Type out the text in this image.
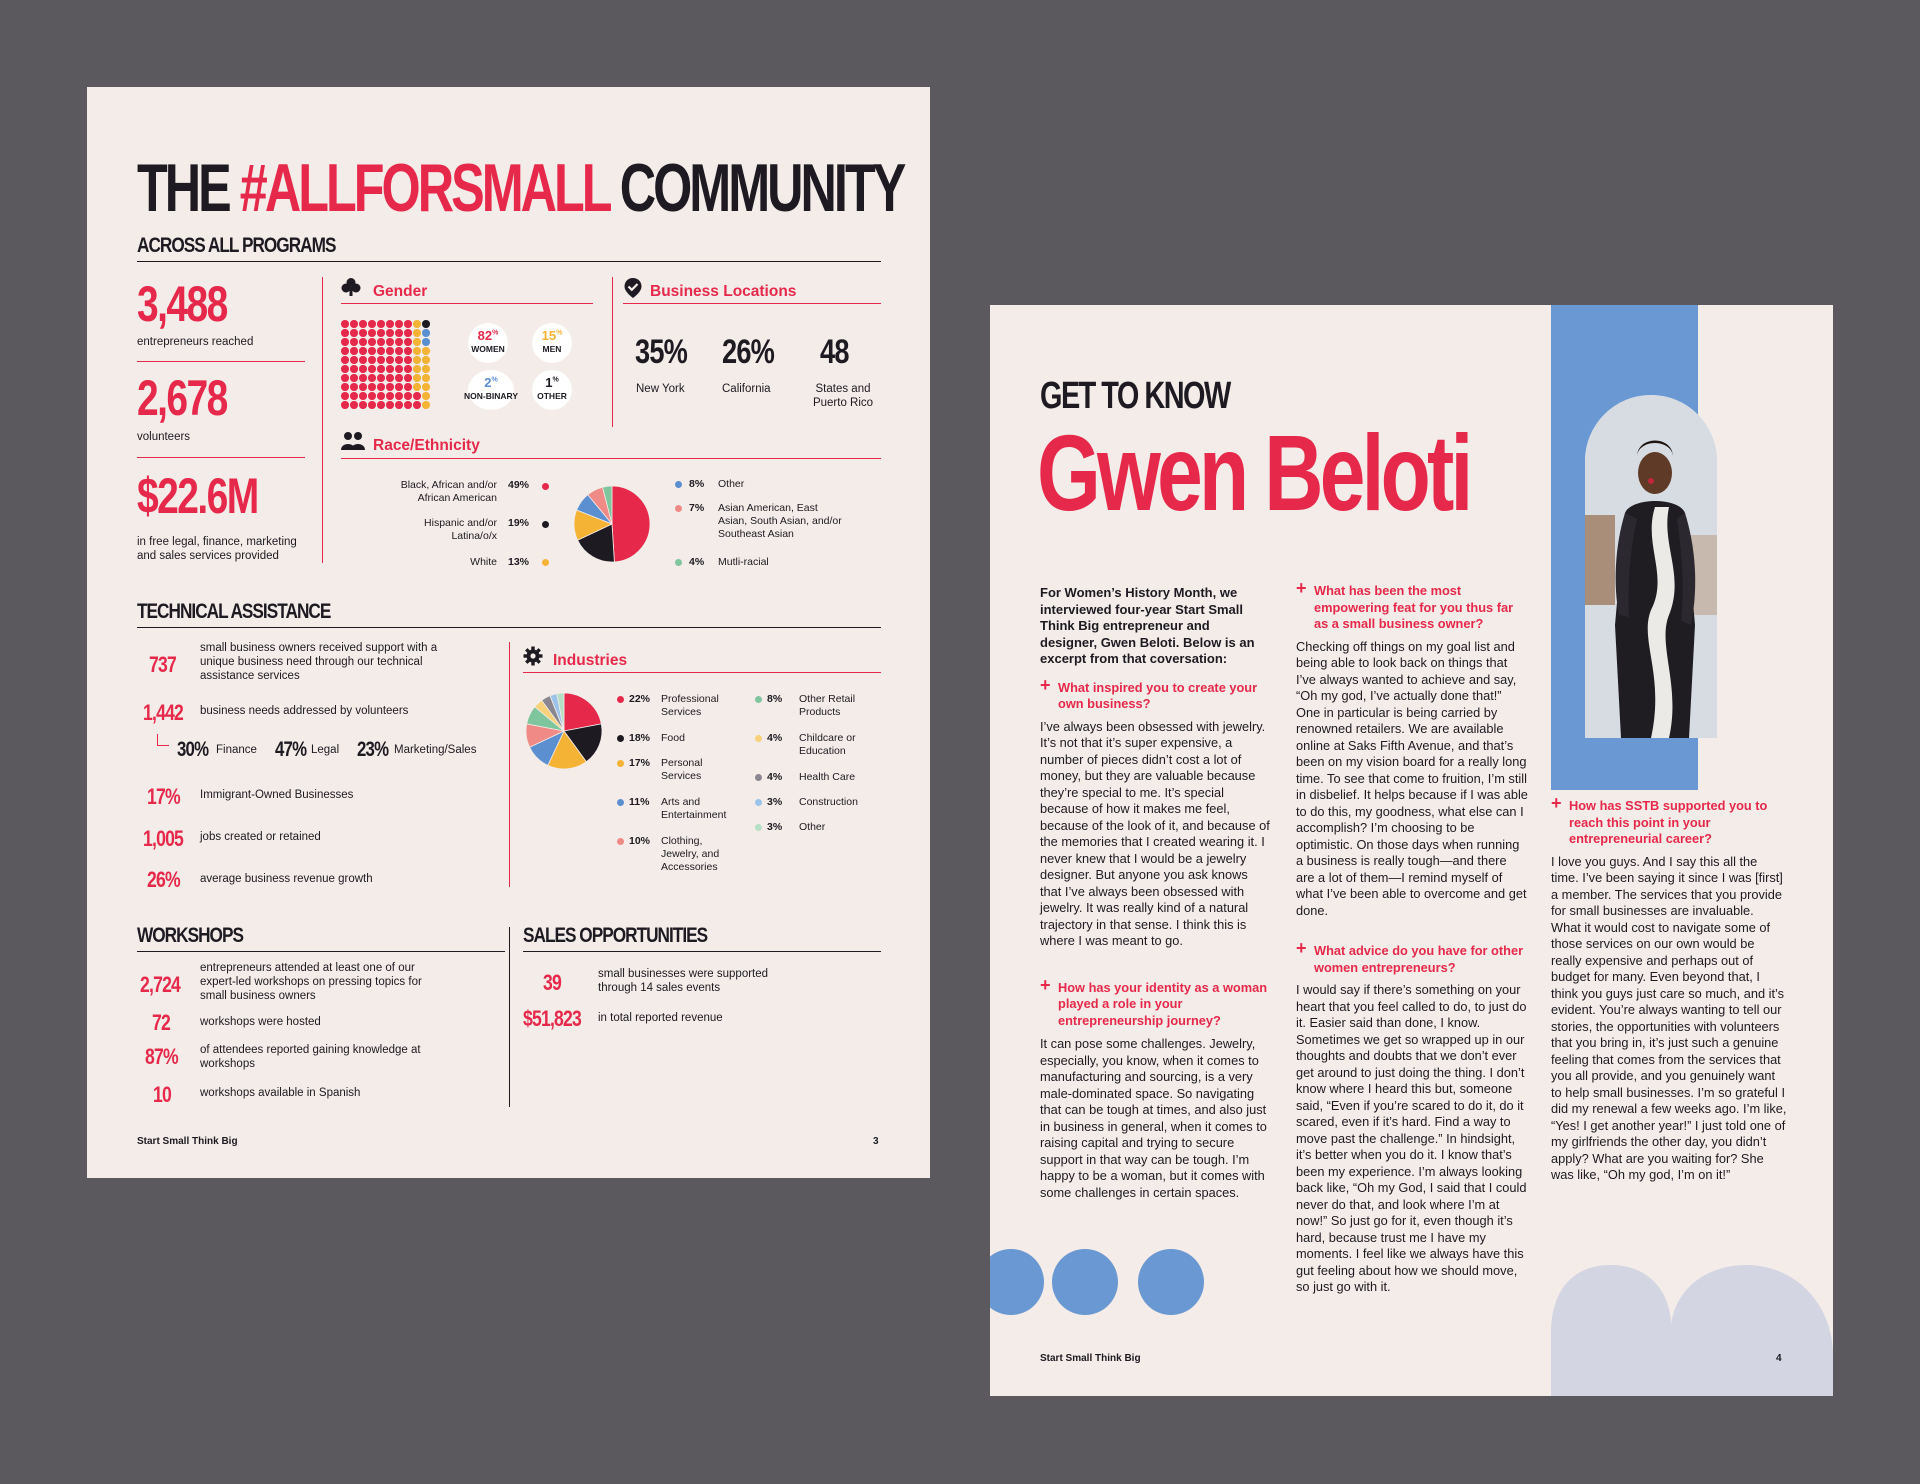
THE #ALLFORSMALL COMMUNITY
ACROSS ALL PROGRAMS
3,488
entrepreneurs reached
2,678
volunteers
$22.6M
in free legal, finance, marketing and sales services provided
Gender
82%
WOMEN
15%
MEN
2%
NON-BINARY
1%
OTHER
Business Locations
35%
New York
26%
California
48
States and Puerto Rico
Race/Ethnicity
Black, African and/or African American
49%
Hispanic and/or Latina/o/x
19%
White 13%
8% Other
7% Asian American, East Asian, South Asian, and/or Southeast Asian
4% Mutli-racial
TECHNICAL ASSISTANCE
737
small business owners received support with a unique business need through our technical assistance services
1,442 business needs addressed by volunteers
30% Finance 47% Legal 23% Marketing/Sales
17% Immigrant-Owned Businesses
1,005 jobs created or retained
26% average business revenue growth
Industries
22% Professional Services
18% Food
17% Personal Services
11% Arts and Entertainment
10% Clothing, Jewelry, and Accessories
8% Other Retail Products
4% Childcare or Education
4% Health Care
3% Construction
3% Other
WORKSHOPS
2,724
entrepreneurs attended at least one of our expert-led workshops on pressing topics for small business owners
72	workshops were hosted
87% of attendees reported gaining knowledge at workshops
10	workshops available in Spanish
SALES OPPORTUNITIES
39	small businesses were supported through 14 sales events
$51,823 in total reported revenue
Start Small Think Big	3
GET TO KNOW
Gwen Beloti
For Women’s History Month, we interviewed four-year Start Small Think Big entrepreneur and designer, Gwen Beloti. Below is an excerpt from that coversation:
+ What inspired you to create your own business?
I’ve always been obsessed with jewelry. It’s not that it’s super expensive, a number of pieces didn’t cost a lot of money, but they are valuable because they’re special to me. It’s special because of how it makes me feel, because of the look of it, and because of the memories that I created wearing it. I never knew that I would be a jewelry designer. But anyone you ask knows that I’ve always been obsessed with jewelry. It was really kind of a natural trajectory in that sense. I think this is where I was meant to go.
+ How has your identity as a woman played a role in your entrepreneurship journey?
It can pose some challenges. Jewelry, especially, you know, when it comes to manufacturing and sourcing, is a very male-dominated space. So navigating that can be tough at times, and also just in business in general, when it comes to raising capital and trying to secure support in that way can be tough. I’m happy to be a woman, but it comes with some challenges in certain spaces.
+ What has been the most empowering feat for you thus far as a small business owner?
Checking off things on my goal list and being able to look back on things that I’ve always wanted to achieve and say, “Oh my god, I’ve actually done that!” One in particular is being carried by renowned retailers. We are available online at Saks Fifth Avenue, and that’s been on my vision board for a really long time. To see that come to fruition, I’m still in disbelief. It helps because if I was able to do this, my goodness, what else can I accomplish? I’m choosing to be optimistic. On those days when running a business is really tough—and there are a lot of them—I remind myself of what I’ve been able to overcome and get done.
+ What advice do you have for other women entrepreneurs?
I would say if there’s something on your heart that you feel called to do, to just do it. Easier said than done, I know. Sometimes we get so wrapped up in our thoughts and doubts that we don’t ever get around to just doing the thing. I don’t know where I heard this but, someone said, “Even if you’re scared to do it, do it scared, even if it’s hard. Find a way to move past the challenge.” In hindsight, it’s better when you do it. I know that’s been my experience. I’m always looking back like, “Oh my God, I said that I could never do that, and look where I’m at now!” So just go for it, even though it’s hard, because trust me I have my moments. I feel like we always have this gut feeling about how we should move, so just go with it.
+ How has SSTB supported you to reach this point in your entrepreneurial career?
I love you guys. And I say this all the time. I’ve been saying it since I was [first] a member. The services that you provide for small businesses are invaluable. What it would cost to navigate some of those services on our own would be really expensive and perhaps out of budget for many. Even beyond that, I think you guys just care so much, and it’s evident. You’re always wanting to tell our stories, the opportunities with volunteers that you bring in, it’s just such a genuine feeling that comes from the services that you all provide, and you genuinely want to help small businesses. I’m so grateful I did my renewal a few weeks ago. I’m like, “Yes! I get another year!” I just told one of my girlfriends the other day, you didn’t apply? What are you waiting for? She was like, “Oh my god, I’m on it!”
Start Small Think Big	4
